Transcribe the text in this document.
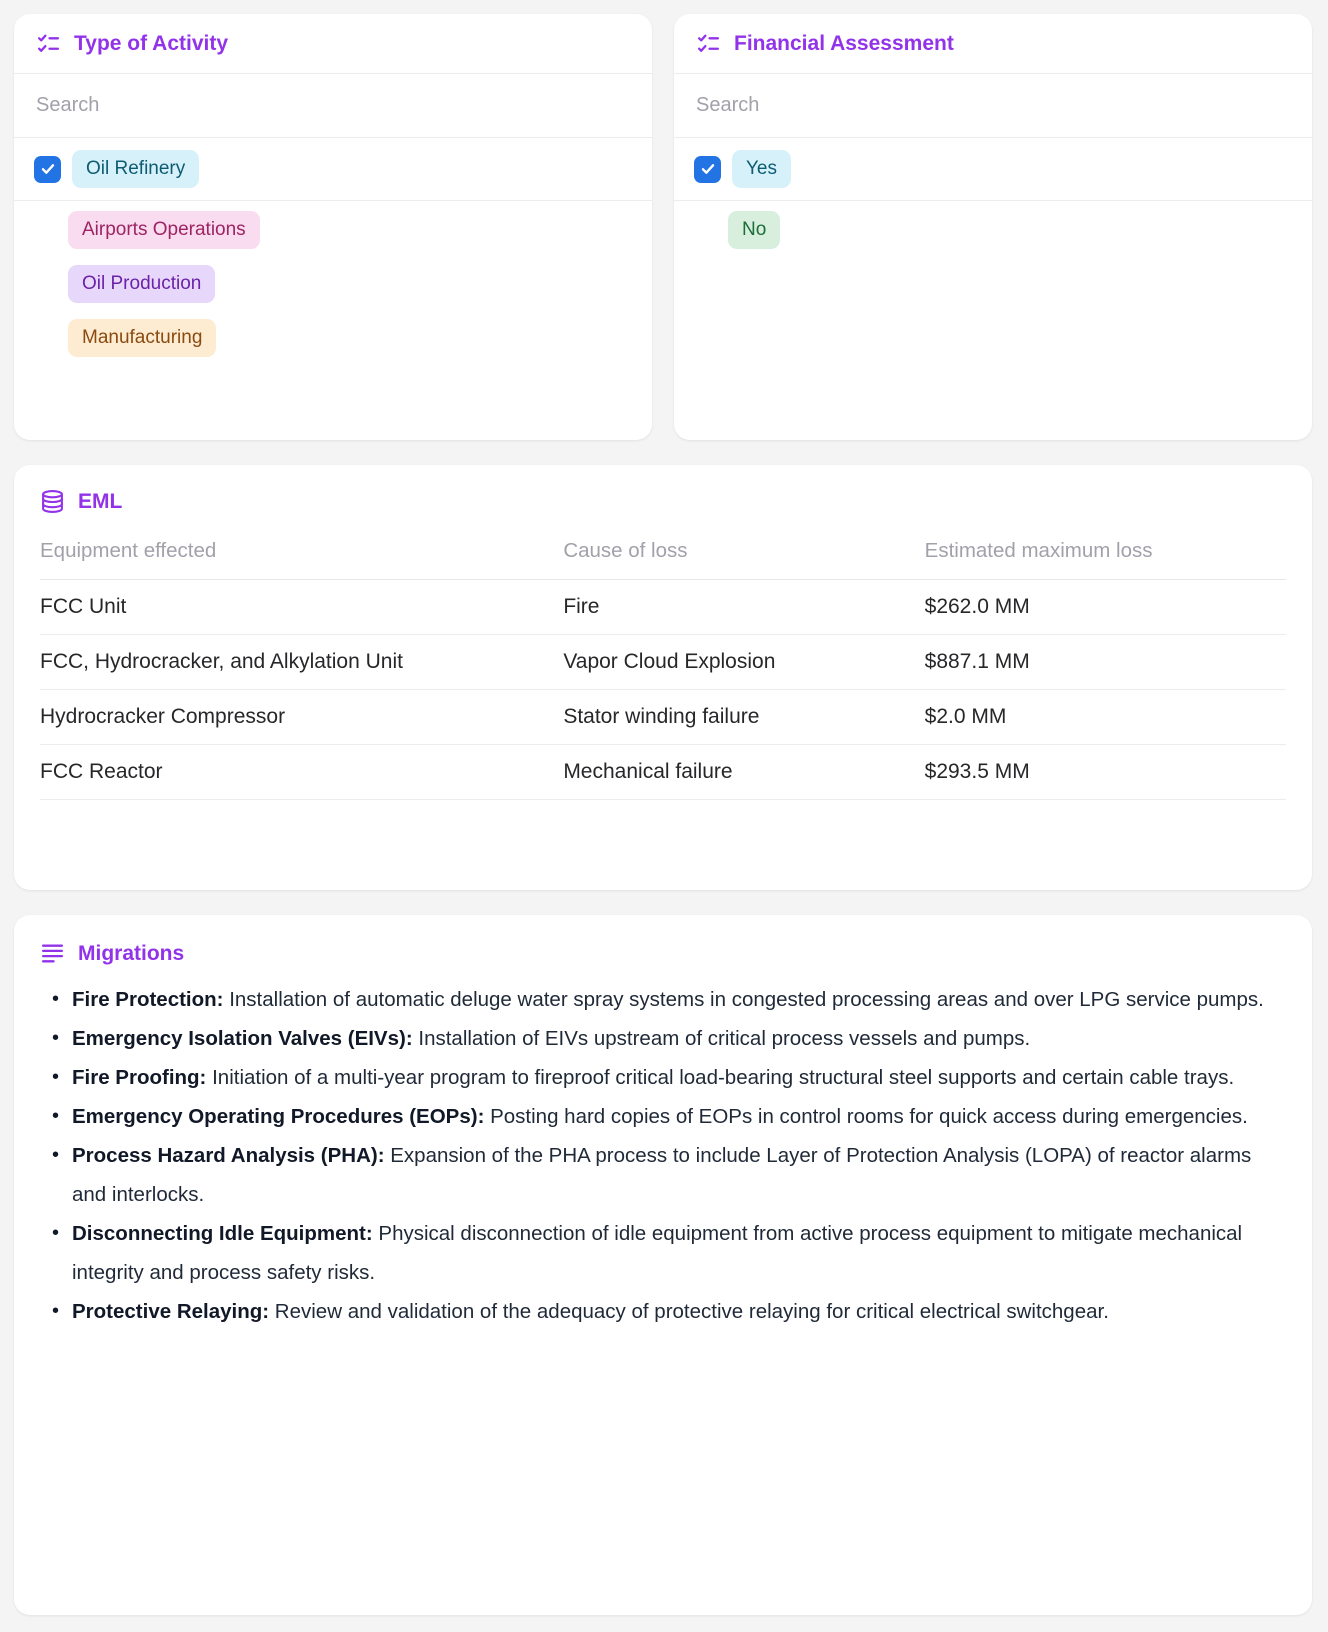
Type of Activity
Search
Oil Refinery
Airports Operations
Oil Production
Manufacturing
Financial Assessment
Search
Yes
No
EML
Equipment effected	Cause of loss	Estimated maximum loss
FCC Unit	Fire	$262.0 MM
FCC, Hydrocracker, and Alkylation Unit	Vapor Cloud Explosion	$887.1 MM
Hydrocracker Compressor	Stator winding failure	$2.0 MM
FCC Reactor	Mechanical failure	$293.5 MM
Migrations
• Fire Protection: Installation of automatic deluge water spray systems in congested processing areas and over LPG service pumps.
• Emergency Isolation Valves (EIVs): Installation of EIVs upstream of critical process vessels and pumps.
• Fire Proofing: Initiation of a multi-year program to fireproof critical load-bearing structural steel supports and certain cable trays.
• Emergency Operating Procedures (EOPs): Posting hard copies of EOPs in control rooms for quick access during emergencies.
• Process Hazard Analysis (PHA): Expansion of the PHA process to include Layer of Protection Analysis (LOPA) of reactor alarms and interlocks.
• Disconnecting Idle Equipment: Physical disconnection of idle equipment from active process equipment to mitigate mechanical integrity and process safety risks.
• Protective Relaying: Review and validation of the adequacy of protective relaying for critical electrical switchgear.
